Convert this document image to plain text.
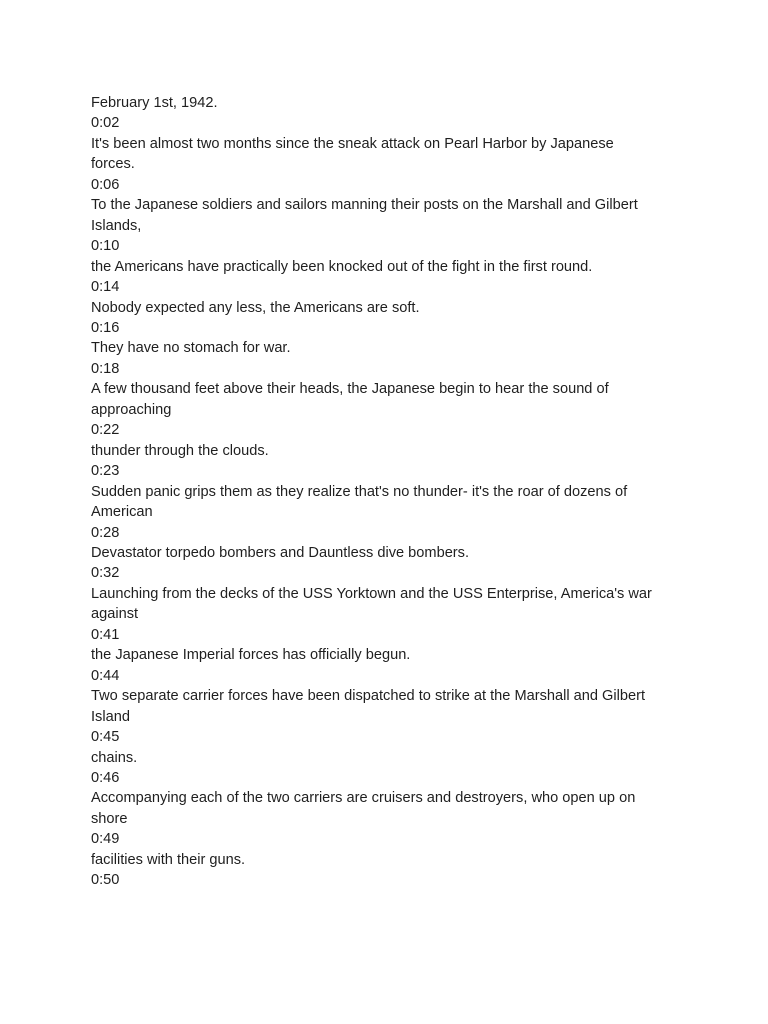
February 1st, 1942.
0:02
It's been almost two months since the sneak attack on Pearl Harbor by Japanese
forces.
0:06
To the Japanese soldiers and sailors manning their posts on the Marshall and Gilbert
Islands,
0:10
the Americans have practically been knocked out of the fight in the first round.
0:14
Nobody expected any less, the Americans are soft.
0:16
They have no stomach for war.
0:18
A few thousand feet above their heads, the Japanese begin to hear the sound of
approaching
0:22
thunder through the clouds.
0:23
Sudden panic grips them as they realize that's no thunder- it's the roar of dozens of
American
0:28
Devastator torpedo bombers and Dauntless dive bombers.
0:32
Launching from the decks of the USS Yorktown and the USS Enterprise, America's war
against
0:41
the Japanese Imperial forces has officially begun.
0:44
Two separate carrier forces have been dispatched to strike at the Marshall and Gilbert
Island
0:45
chains.
0:46
Accompanying each of the two carriers are cruisers and destroyers, who open up on
shore
0:49
facilities with their guns.
0:50
